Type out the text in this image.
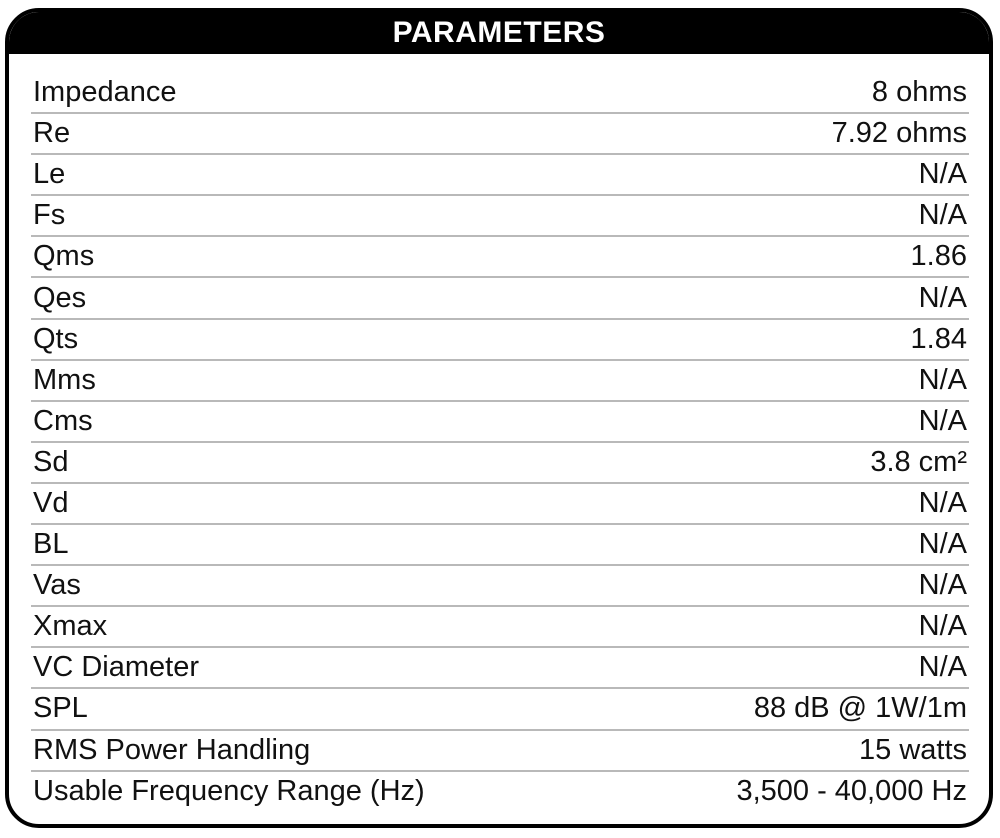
PARAMETERS
Impedance	8 ohms
Re	7.92 ohms
Le	N/A
Fs	N/A
Qms	1.86
Qes	N/A
Qts	1.84
Mms	N/A
Cms	N/A
Sd	3.8 cm²
Vd	N/A
BL	N/A
Vas	N/A
Xmax	N/A
VC Diameter	N/A
SPL	88 dB @ 1W/1m
RMS Power Handling	15 watts
Usable Frequency Range (Hz)	3,500 - 40,000 Hz
